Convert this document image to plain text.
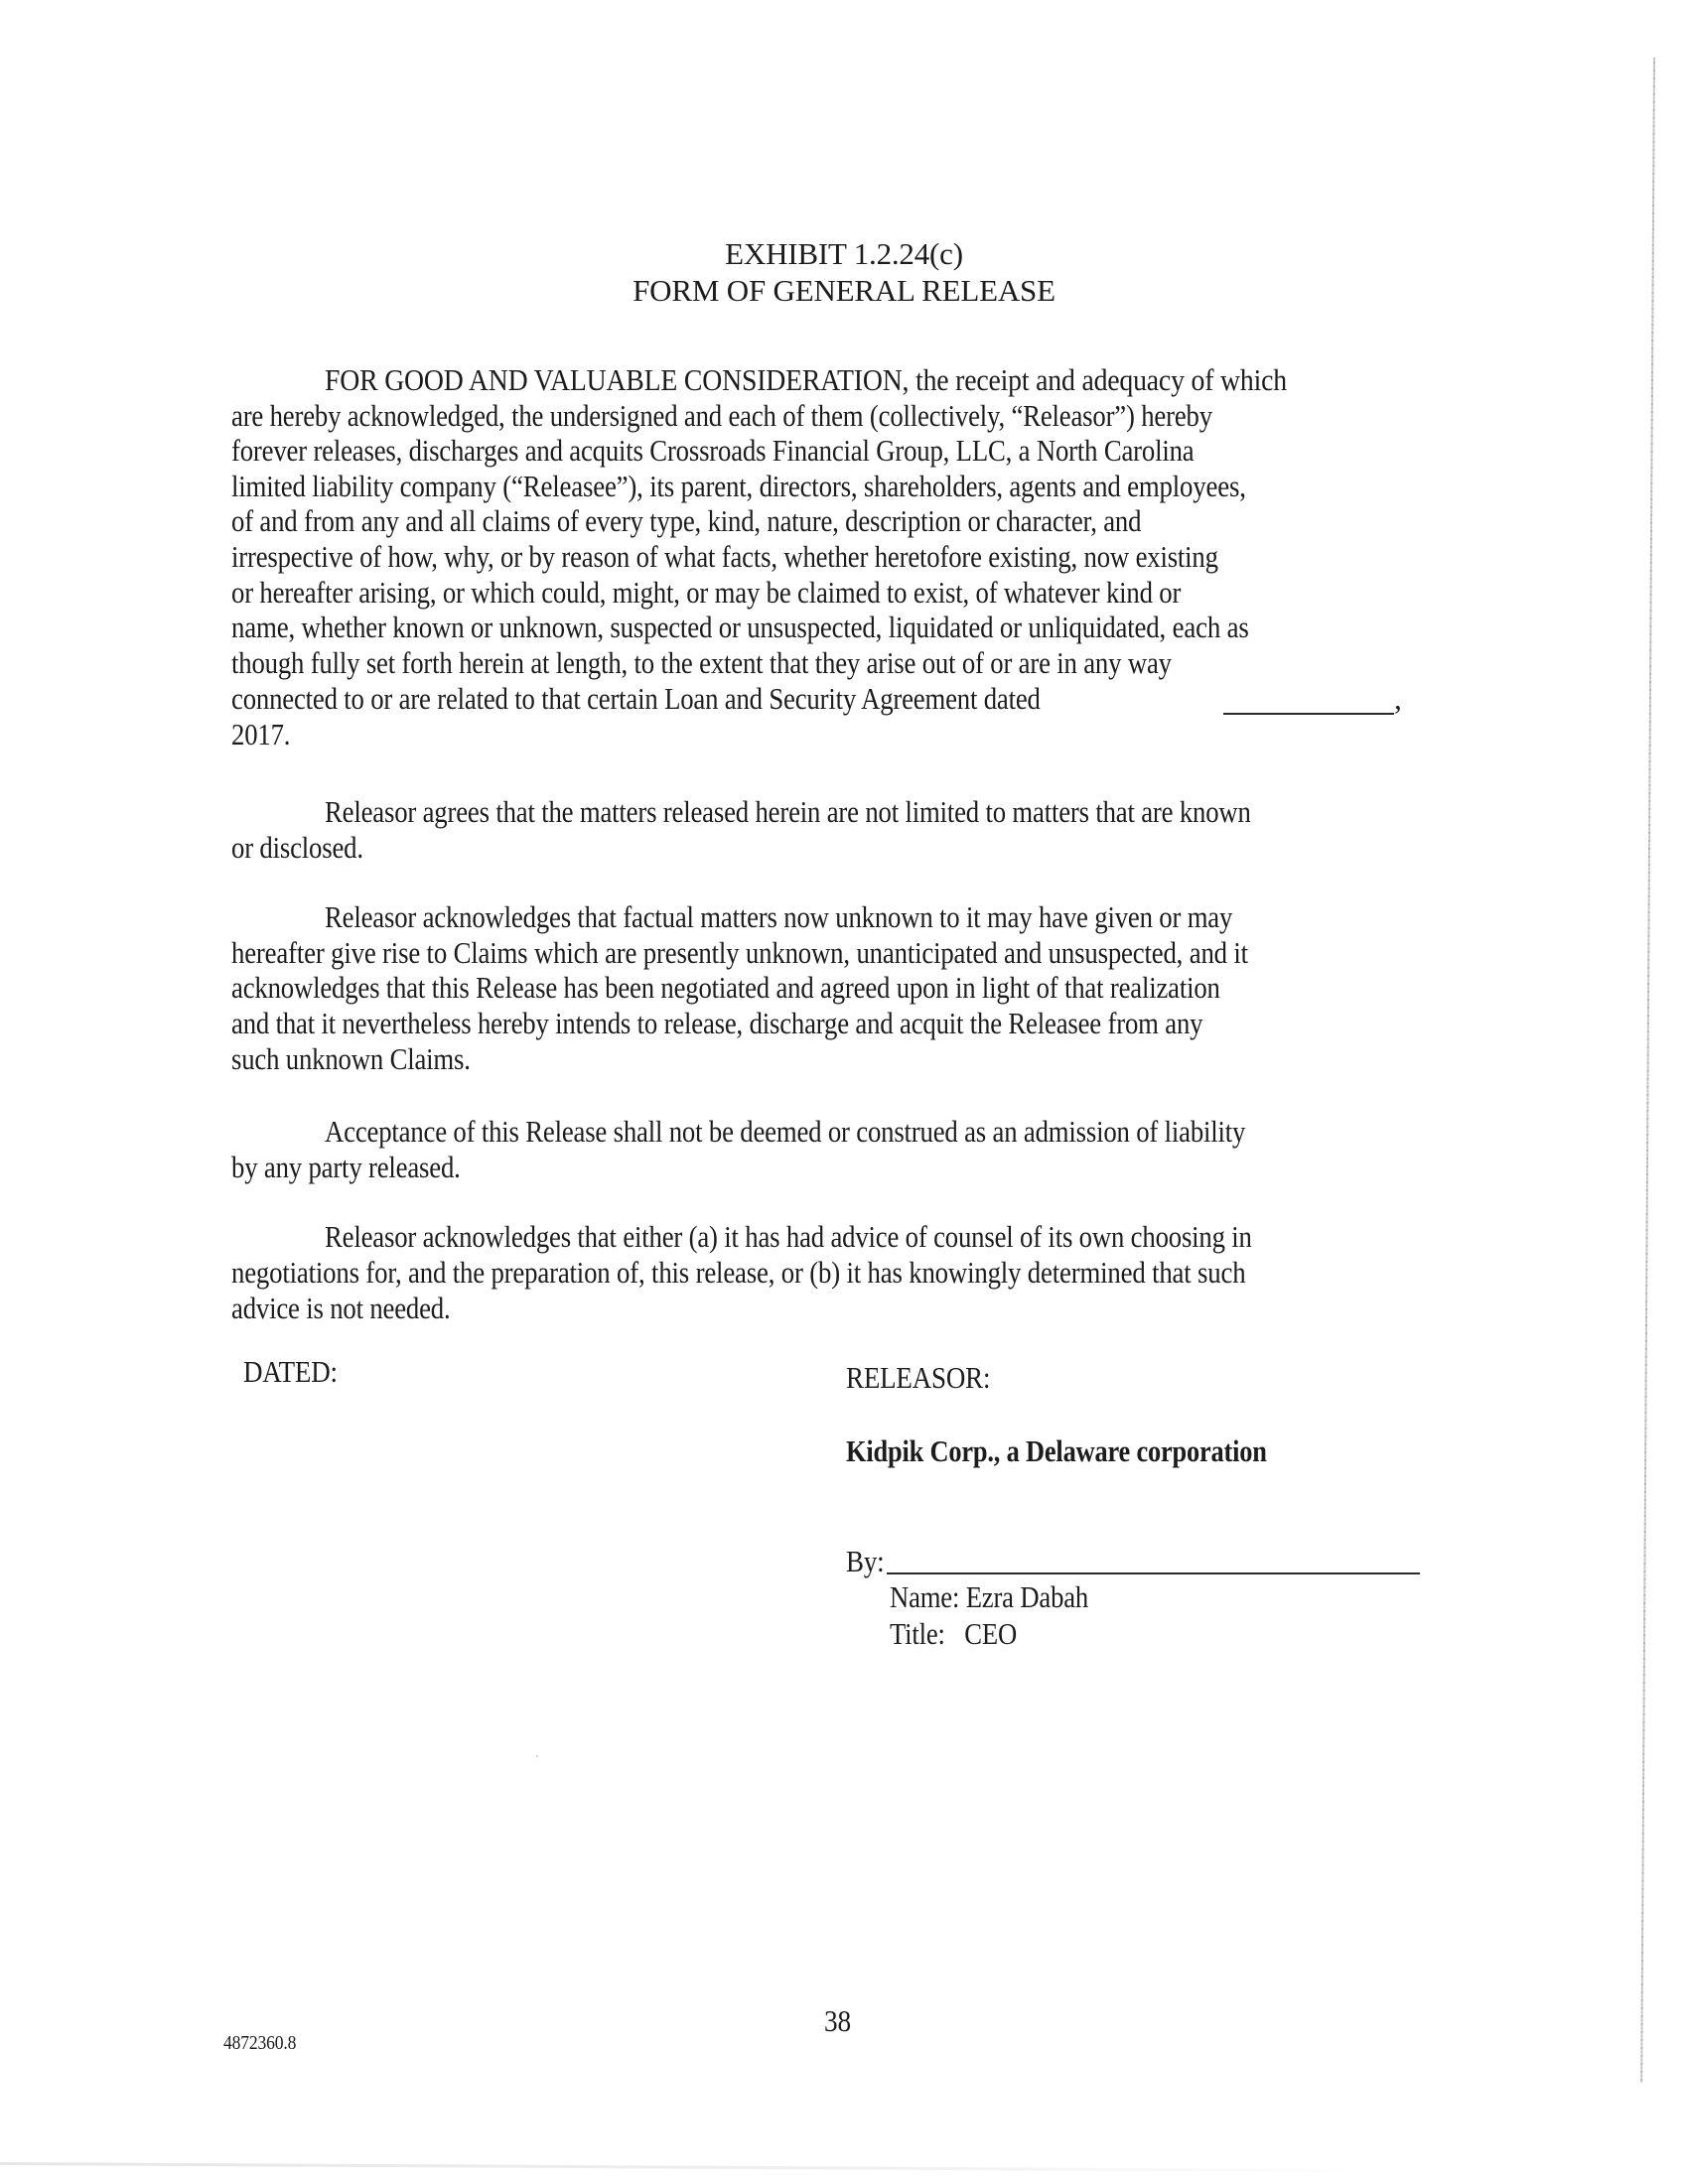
EXHIBIT 1.2.24(c)
FORM OF GENERAL RELEASE
FOR GOOD AND VALUABLE CONSIDERATION, the receipt and adequacy of which
are hereby acknowledged, the undersigned and each of them (collectively, “Releasor”) hereby
forever releases, discharges and acquits Crossroads Financial Group, LLC, a North Carolina
limited liability company (“Releasee”), its parent, directors, shareholders, agents and employees,
of and from any and all claims of every type, kind, nature, description or character, and
irrespective of how, why, or by reason of what facts, whether heretofore existing, now existing
or hereafter arising, or which could, might, or may be claimed to exist, of whatever kind or
name, whether known or unknown, suspected or unsuspected, liquidated or unliquidated, each as
though fully set forth herein at length, to the extent that they arise out of or are in any way
connected to or are related to that certain Loan and Security Agreement dated	,
2017.
Releasor agrees that the matters released herein are not limited to matters that are known
or disclosed.
Releasor acknowledges that factual matters now unknown to it may have given or may
hereafter give rise to Claims which are presently unknown, unanticipated and unsuspected, and it
acknowledges that this Release has been negotiated and agreed upon in light of that realization
and that it nevertheless hereby intends to release, discharge and acquit the Releasee from any
such unknown Claims.
Acceptance of this Release shall not be deemed or construed as an admission of liability
by any party released.
Releasor acknowledges that either (a) it has had advice of counsel of its own choosing in
negotiations for, and the preparation of, this release, or (b) it has knowingly determined that such
advice is not needed.
DATED:	RELEASOR:
Kidpik Corp., a Delaware corporation
By:
Name: Ezra Dabah
Title:   CEO
38
4872360.8
